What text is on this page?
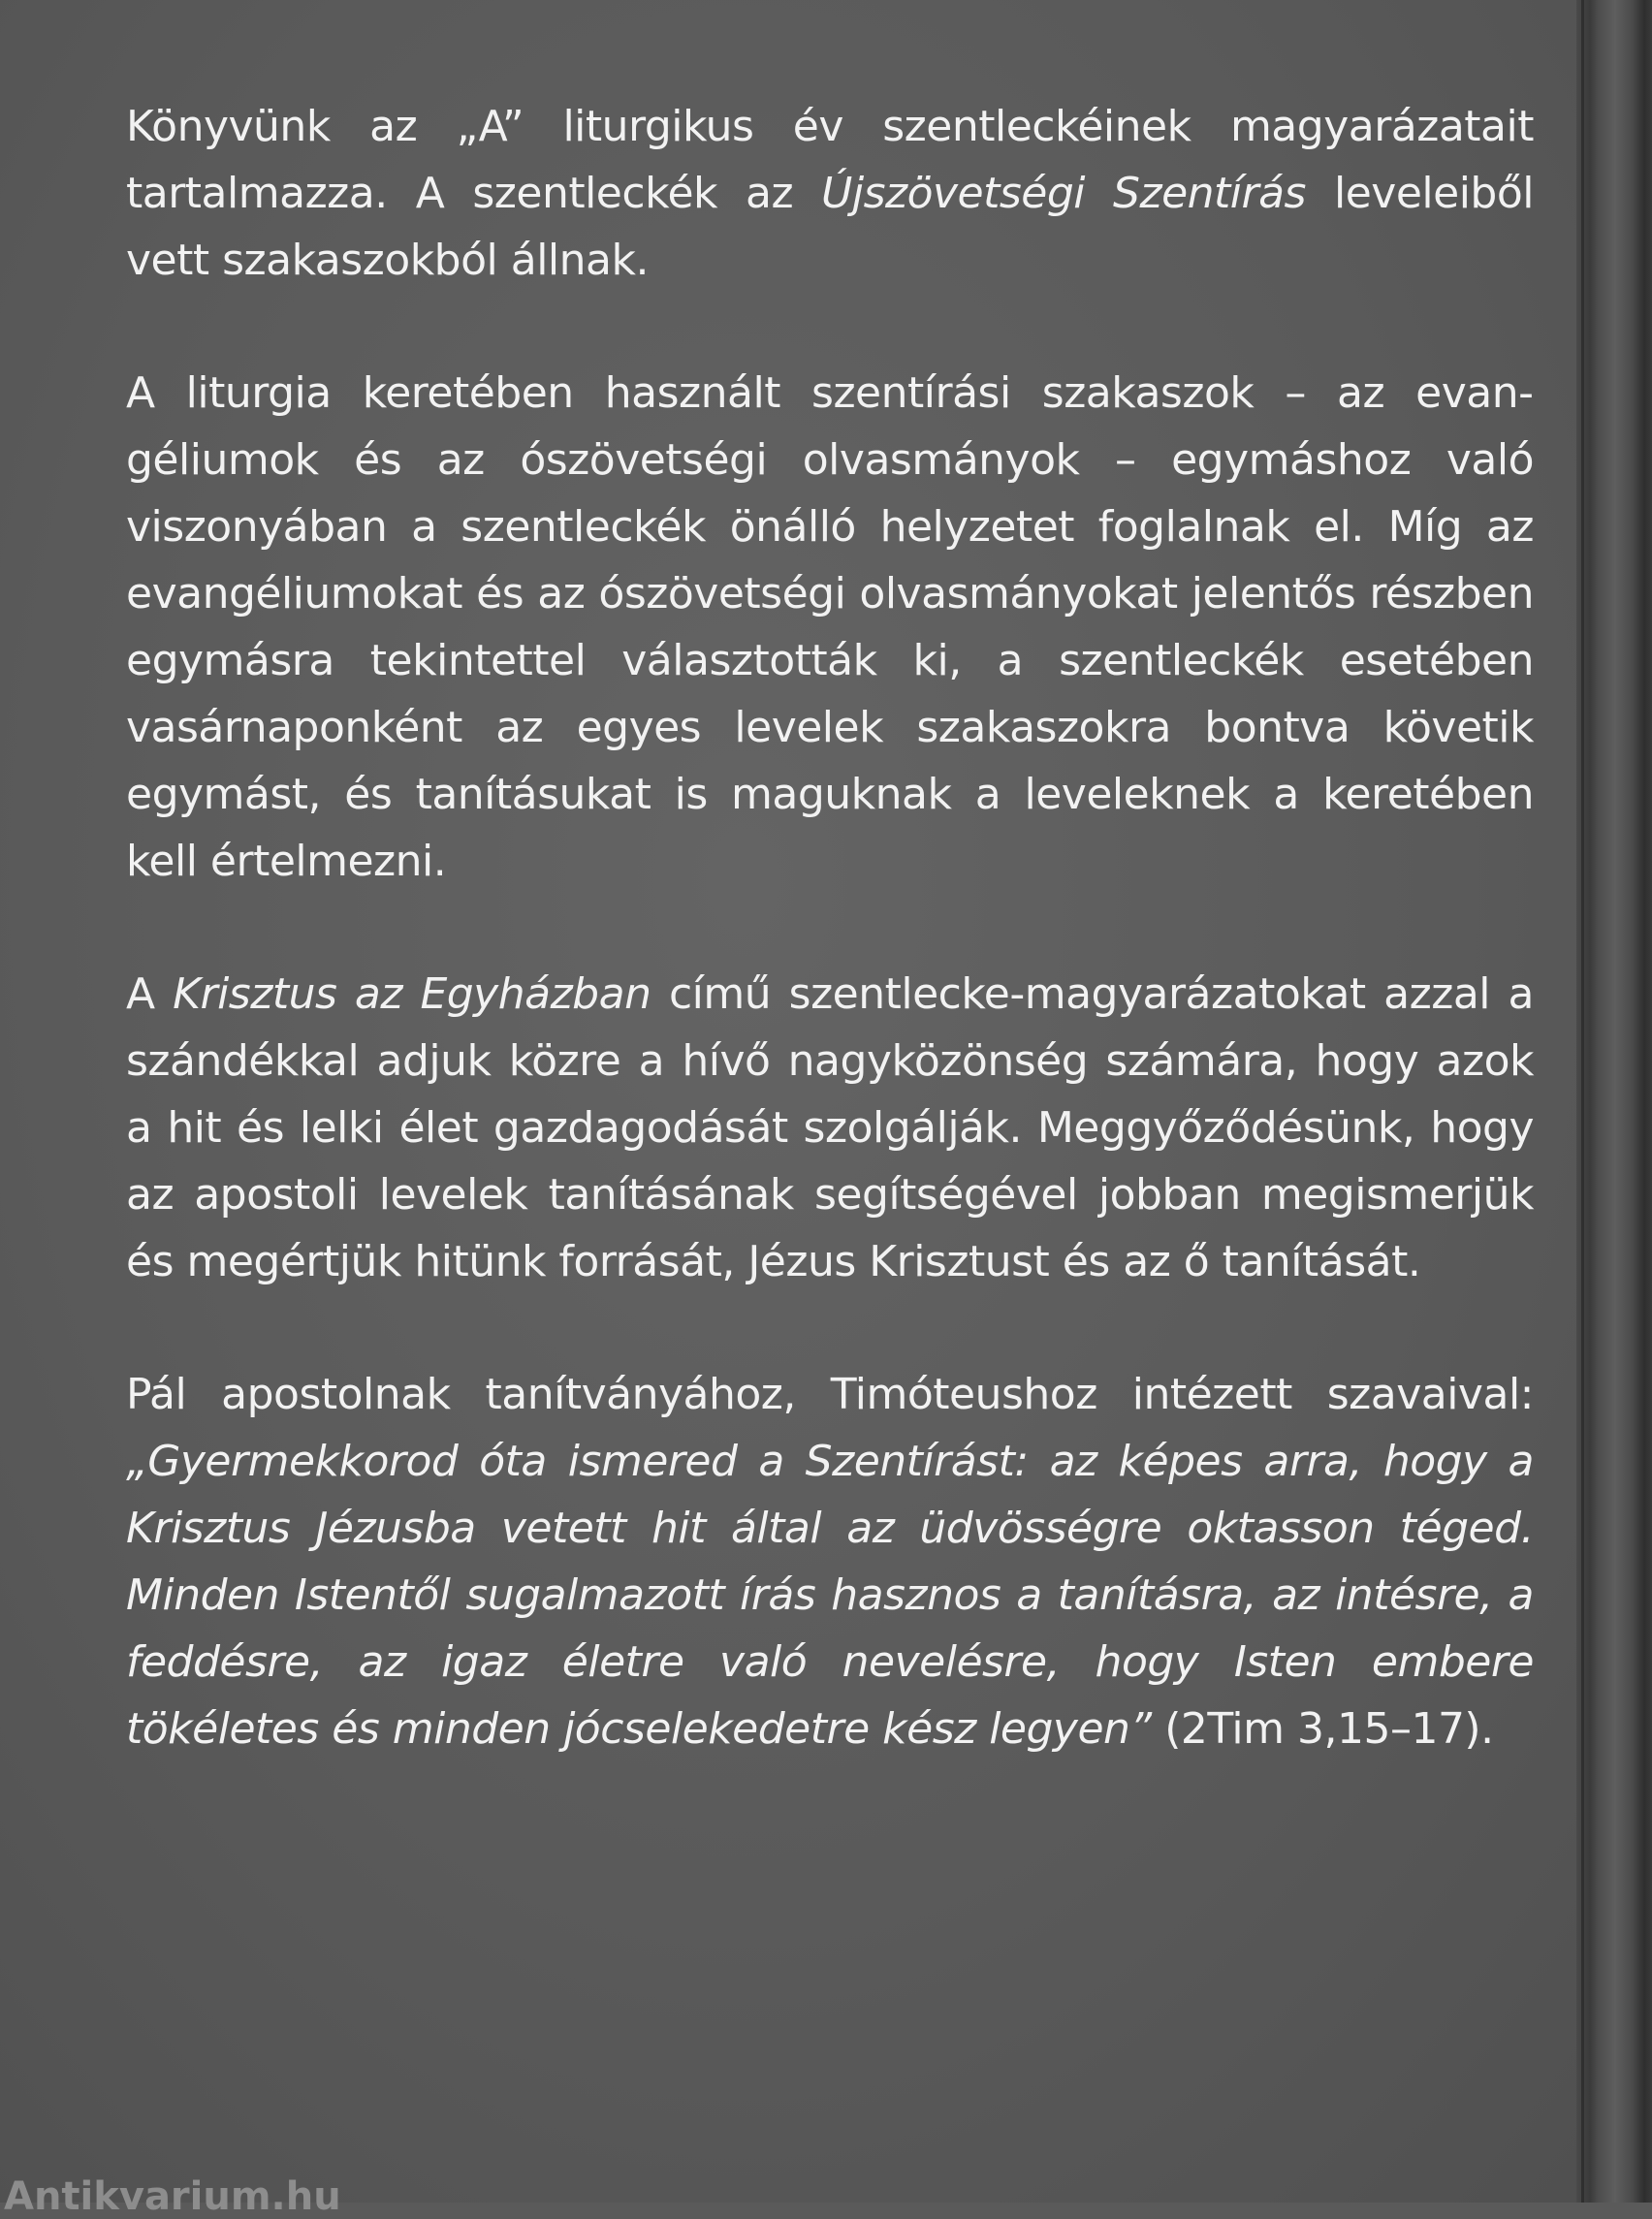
Könyvünk az „A” liturgikus év szentleckéinek magyarázatait tartalmazza. A szentleckék az Újszövetségi Szentírás leveleiből vett szakaszokból állnak.

A liturgia keretében használt szentírási szakaszok – az evangéliumok és az ószövetségi olvasmányok – egymáshoz való viszonyában a szentleckék önálló helyzetet foglalnak el. Míg az evangéliumokat és az ószövetségi olvasmányokat jelentős részben egymásra tekintettel választották ki, a szentleckék esetében vasárnaponként az egyes levelek szakaszokra bontva követik egymást, és tanításukat is maguknak a leveleknek a keretében kell értelmezni.

A Krisztus az Egyházban című szentlecke-magyarázatokat azzal a szándékkal adjuk közre a hívő nagyközönség számára, hogy azok a hit és lelki élet gazdagodását szolgálják. Meggyőződésünk, hogy az apostoli levelek tanításának segítségével jobban megismerjük és megértjük hitünk forrását, Jézus Krisztust és az ő tanítását.

Pál apostolnak tanítványához, Timóteushoz intézett szavaival: „Gyermekkorod óta ismered a Szentírást: az képes arra, hogy a Krisztus Jézusba vetett hit által az üdvösségre oktasson téged. Minden Istentől sugalmazott írás hasznos a tanításra, az intésre, a feddésre, az igaz életre való nevelésre, hogy Isten embere tökéletes és minden jócselekedetre kész legyen” (2Tim 3,15–17).

Antikvarium.hu
